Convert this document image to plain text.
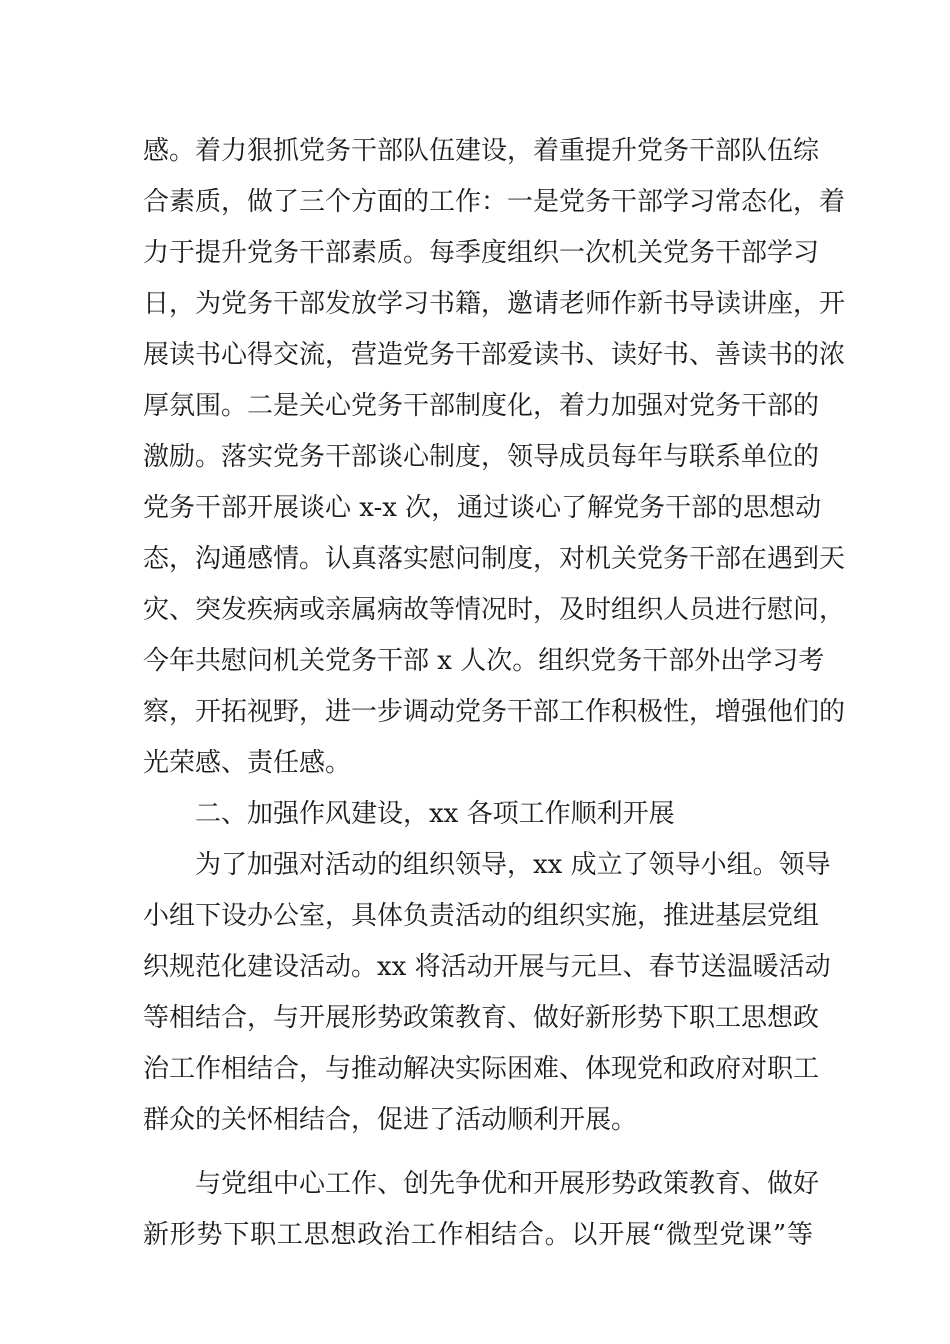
感。着力狠抓党务干部队伍建设，着重提升党务干部队伍综
合素质，做了三个方面的工作：一是党务干部学习常态化，着
力于提升党务干部素质。每季度组织一次机关党务干部学习
日，为党务干部发放学习书籍，邀请老师作新书导读讲座，开
展读书心得交流，营造党务干部爱读书、读好书、善读书的浓
厚氛围。二是关心党务干部制度化，着力加强对党务干部的
激励。落实党务干部谈心制度，领导成员每年与联系单位的
党务干部开展谈心 x-x 次，通过谈心了解党务干部的思想动
态，沟通感情。认真落实慰问制度，对机关党务干部在遇到天
灾、突发疾病或亲属病故等情况时，及时组织人员进行慰问，
今年共慰问机关党务干部 x 人次。组织党务干部外出学习考
察，开拓视野，进一步调动党务干部工作积极性，增强他们的
光荣感、责任感。
二、加强作风建设，xx 各项工作顺利开展
为了加强对活动的组织领导，xx 成立了领导小组。领导
小组下设办公室，具体负责活动的组织实施，推进基层党组
织规范化建设活动。xx 将活动开展与元旦、春节送温暖活动
等相结合，与开展形势政策教育、做好新形势下职工思想政
治工作相结合，与推动解决实际困难、体现党和政府对职工
群众的关怀相结合，促进了活动顺利开展。
与党组中心工作、创先争优和开展形势政策教育、做好
新形势下职工思想政治工作相结合。以开展“微型党课”等
